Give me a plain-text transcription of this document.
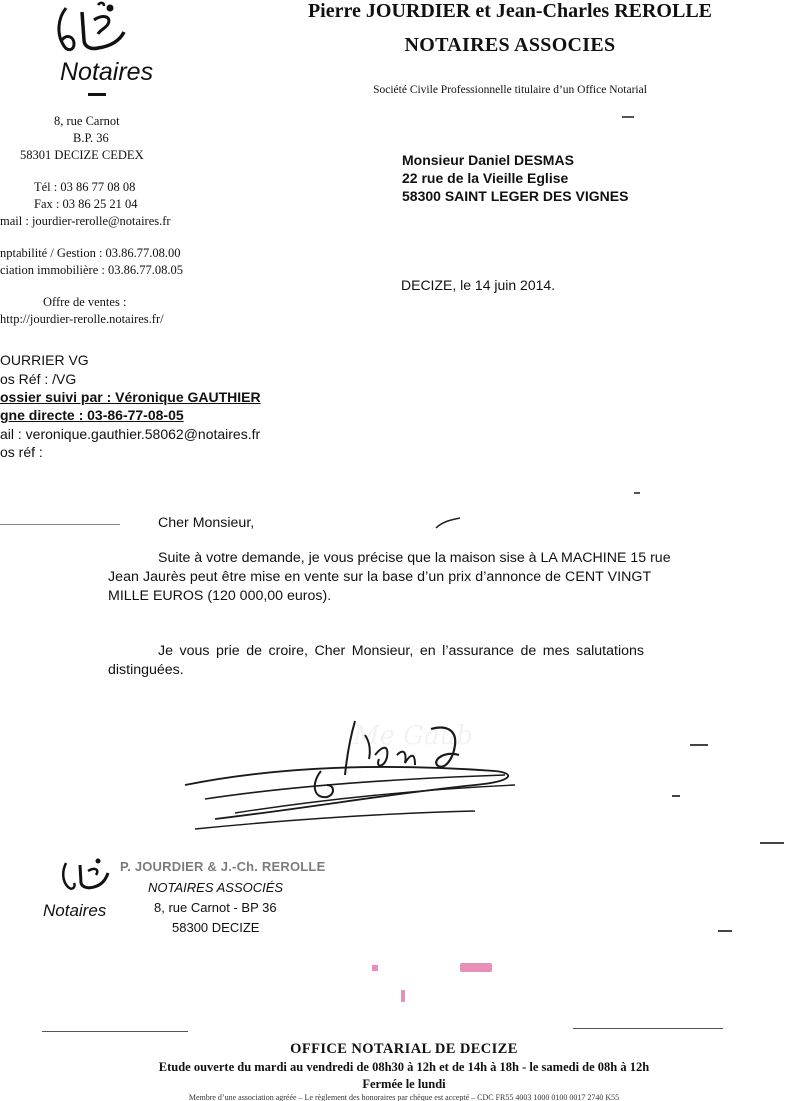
Notaires
Pierre JOURDIER et Jean-Charles REROLLE
NOTAIRES ASSOCIES
Société Civile Professionnelle titulaire d’un Office Notarial
8, rue Carnot
B.P. 36
58301 DECIZE CEDEX
Tél : 03 86 77 08 08
Fax : 03 86 25 21 04
mail : jourdier-rerolle@notaires.fr
nptabilité / Gestion : 03.86.77.08.00
ciation immobilière : 03.86.77.08.05
Offre de ventes :
http://jourdier-rerolle.notaires.fr/
OURRIER VG
os Réf : /VG
ossier suivi par : Véronique GAUTHIER
gne directe : 03-86-77-08-05
ail : veronique.gauthier.58062@notaires.fr
os réf :
Monsieur Daniel DESMAS
22 rue de la Vieille Eglise
58300 SAINT LEGER DES VIGNES
DECIZE, le 14 juin 2014.
Cher Monsieur,
Suite à votre demande, je vous précise que la maison sise à LA MACHINE 15 rue
Jean Jaurès peut être mise en vente sur la base d’un prix d’annonce de CENT VINGT
MILLE EUROS (120 000,00 euros).
Je vous prie de croire, Cher Monsieur, en l’assurance de mes salutations
distinguées.
Me Gaub
Notaires
P. JOURDIER & J.-Ch. REROLLE
NOTAIRES ASSOCIÉS
8, rue Carnot - BP 36
58300 DECIZE
OFFICE NOTARIAL DE DECIZE
Etude ouverte du mardi au vendredi de 08h30 à 12h et de 14h à 18h - le samedi de 08h à 12h
Fermée le lundi
Membre d’une association agréée – Le règlement des honoraires par chèque est accepté – CDC FR55 4003 1000 0100 0017 2740 K55
